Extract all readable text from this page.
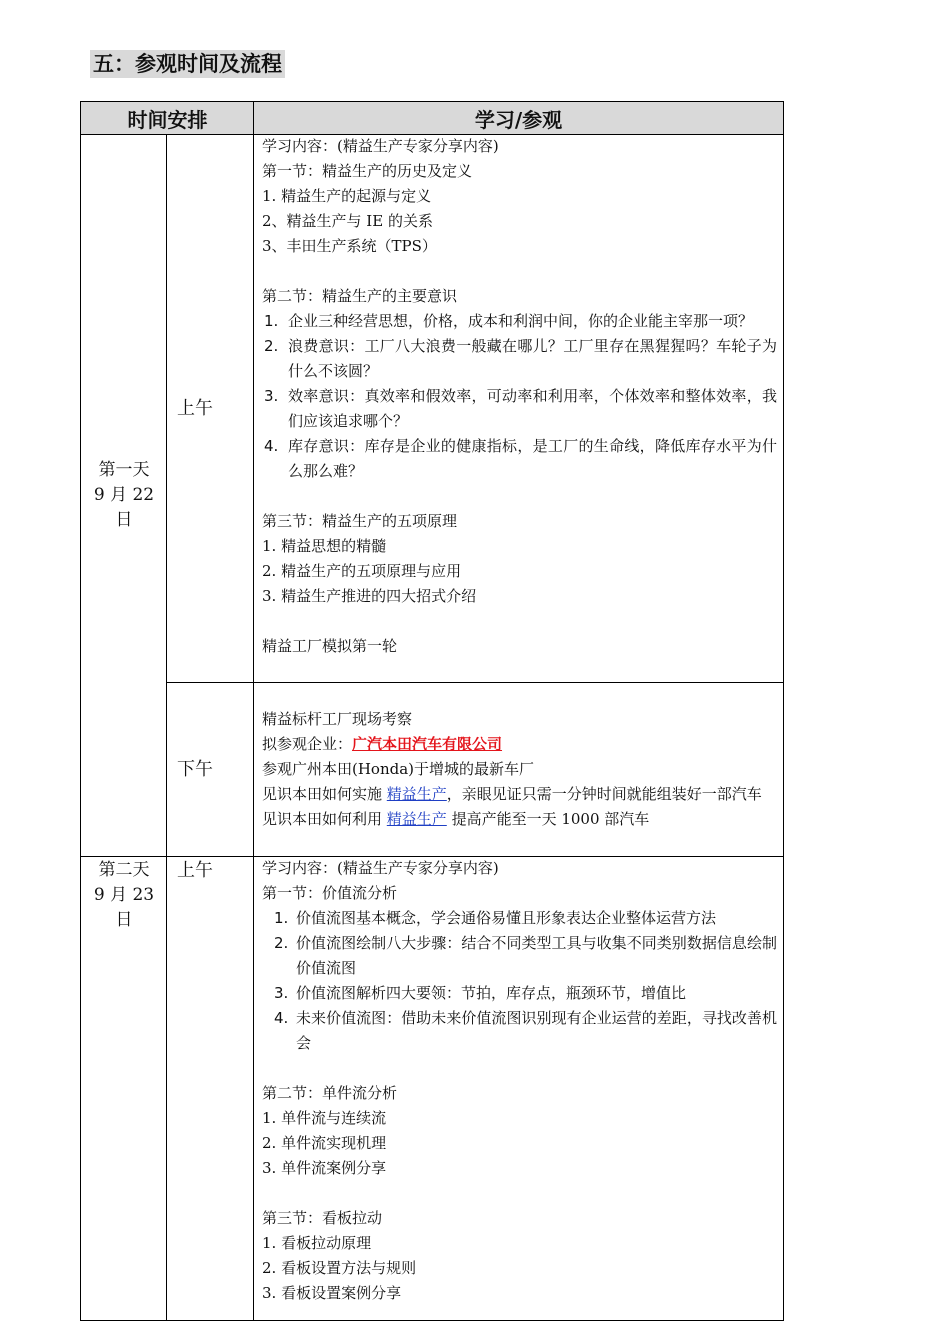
五：参观时间及流程
时间安排	学习/参观
第一天
9 月 22
日
上午
学习内容：(精益生产专家分享内容)
第一节：精益生产的历史及定义
1. 精益生产的起源与定义
2、精益生产与 IE 的关系
3、丰田生产系统（TPS）
第二节：精益生产的主要意识
1. 企业三种经营思想，价格，成本和利润中间，你的企业能主宰那一项？
2. 浪费意识：工厂八大浪费一般藏在哪儿？工厂里存在黑猩猩吗？车轮子为什么不该圆？
3. 效率意识：真效率和假效率，可动率和利用率，个体效率和整体效率，我们应该追求哪个？
4. 库存意识：库存是企业的健康指标，是工厂的生命线，降低库存水平为什么那么难？
第三节：精益生产的五项原理
1. 精益思想的精髓
2. 精益生产的五项原理与应用
3. 精益生产推进的四大招式介绍
精益工厂模拟第一轮
下午
精益标杆工厂现场考察
拟参观企业：广汽本田汽车有限公司
参观广州本田(Honda)于增城的最新车厂
见识本田如何实施 精益生产，亲眼见证只需一分钟时间就能组装好一部汽车
见识本田如何利用 精益生产 提高产能至一天 1000 部汽车
第二天
9 月 23
日
上午	学习内容：(精益生产专家分享内容)
第一节：价值流分析
1. 价值流图基本概念，学会通俗易懂且形象表达企业整体运营方法
2. 价值流图绘制八大步骤：结合不同类型工具与收集不同类别数据信息绘制价值流图
3. 价值流图解析四大要领：节拍，库存点，瓶颈环节，增值比
4. 未来价值流图：借助未来价值流图识别现有企业运营的差距，寻找改善机会
第二节：单件流分析
1. 单件流与连续流
2. 单件流实现机理
3. 单件流案例分享
第三节：看板拉动
1. 看板拉动原理
2. 看板设置方法与规则
3. 看板设置案例分享
